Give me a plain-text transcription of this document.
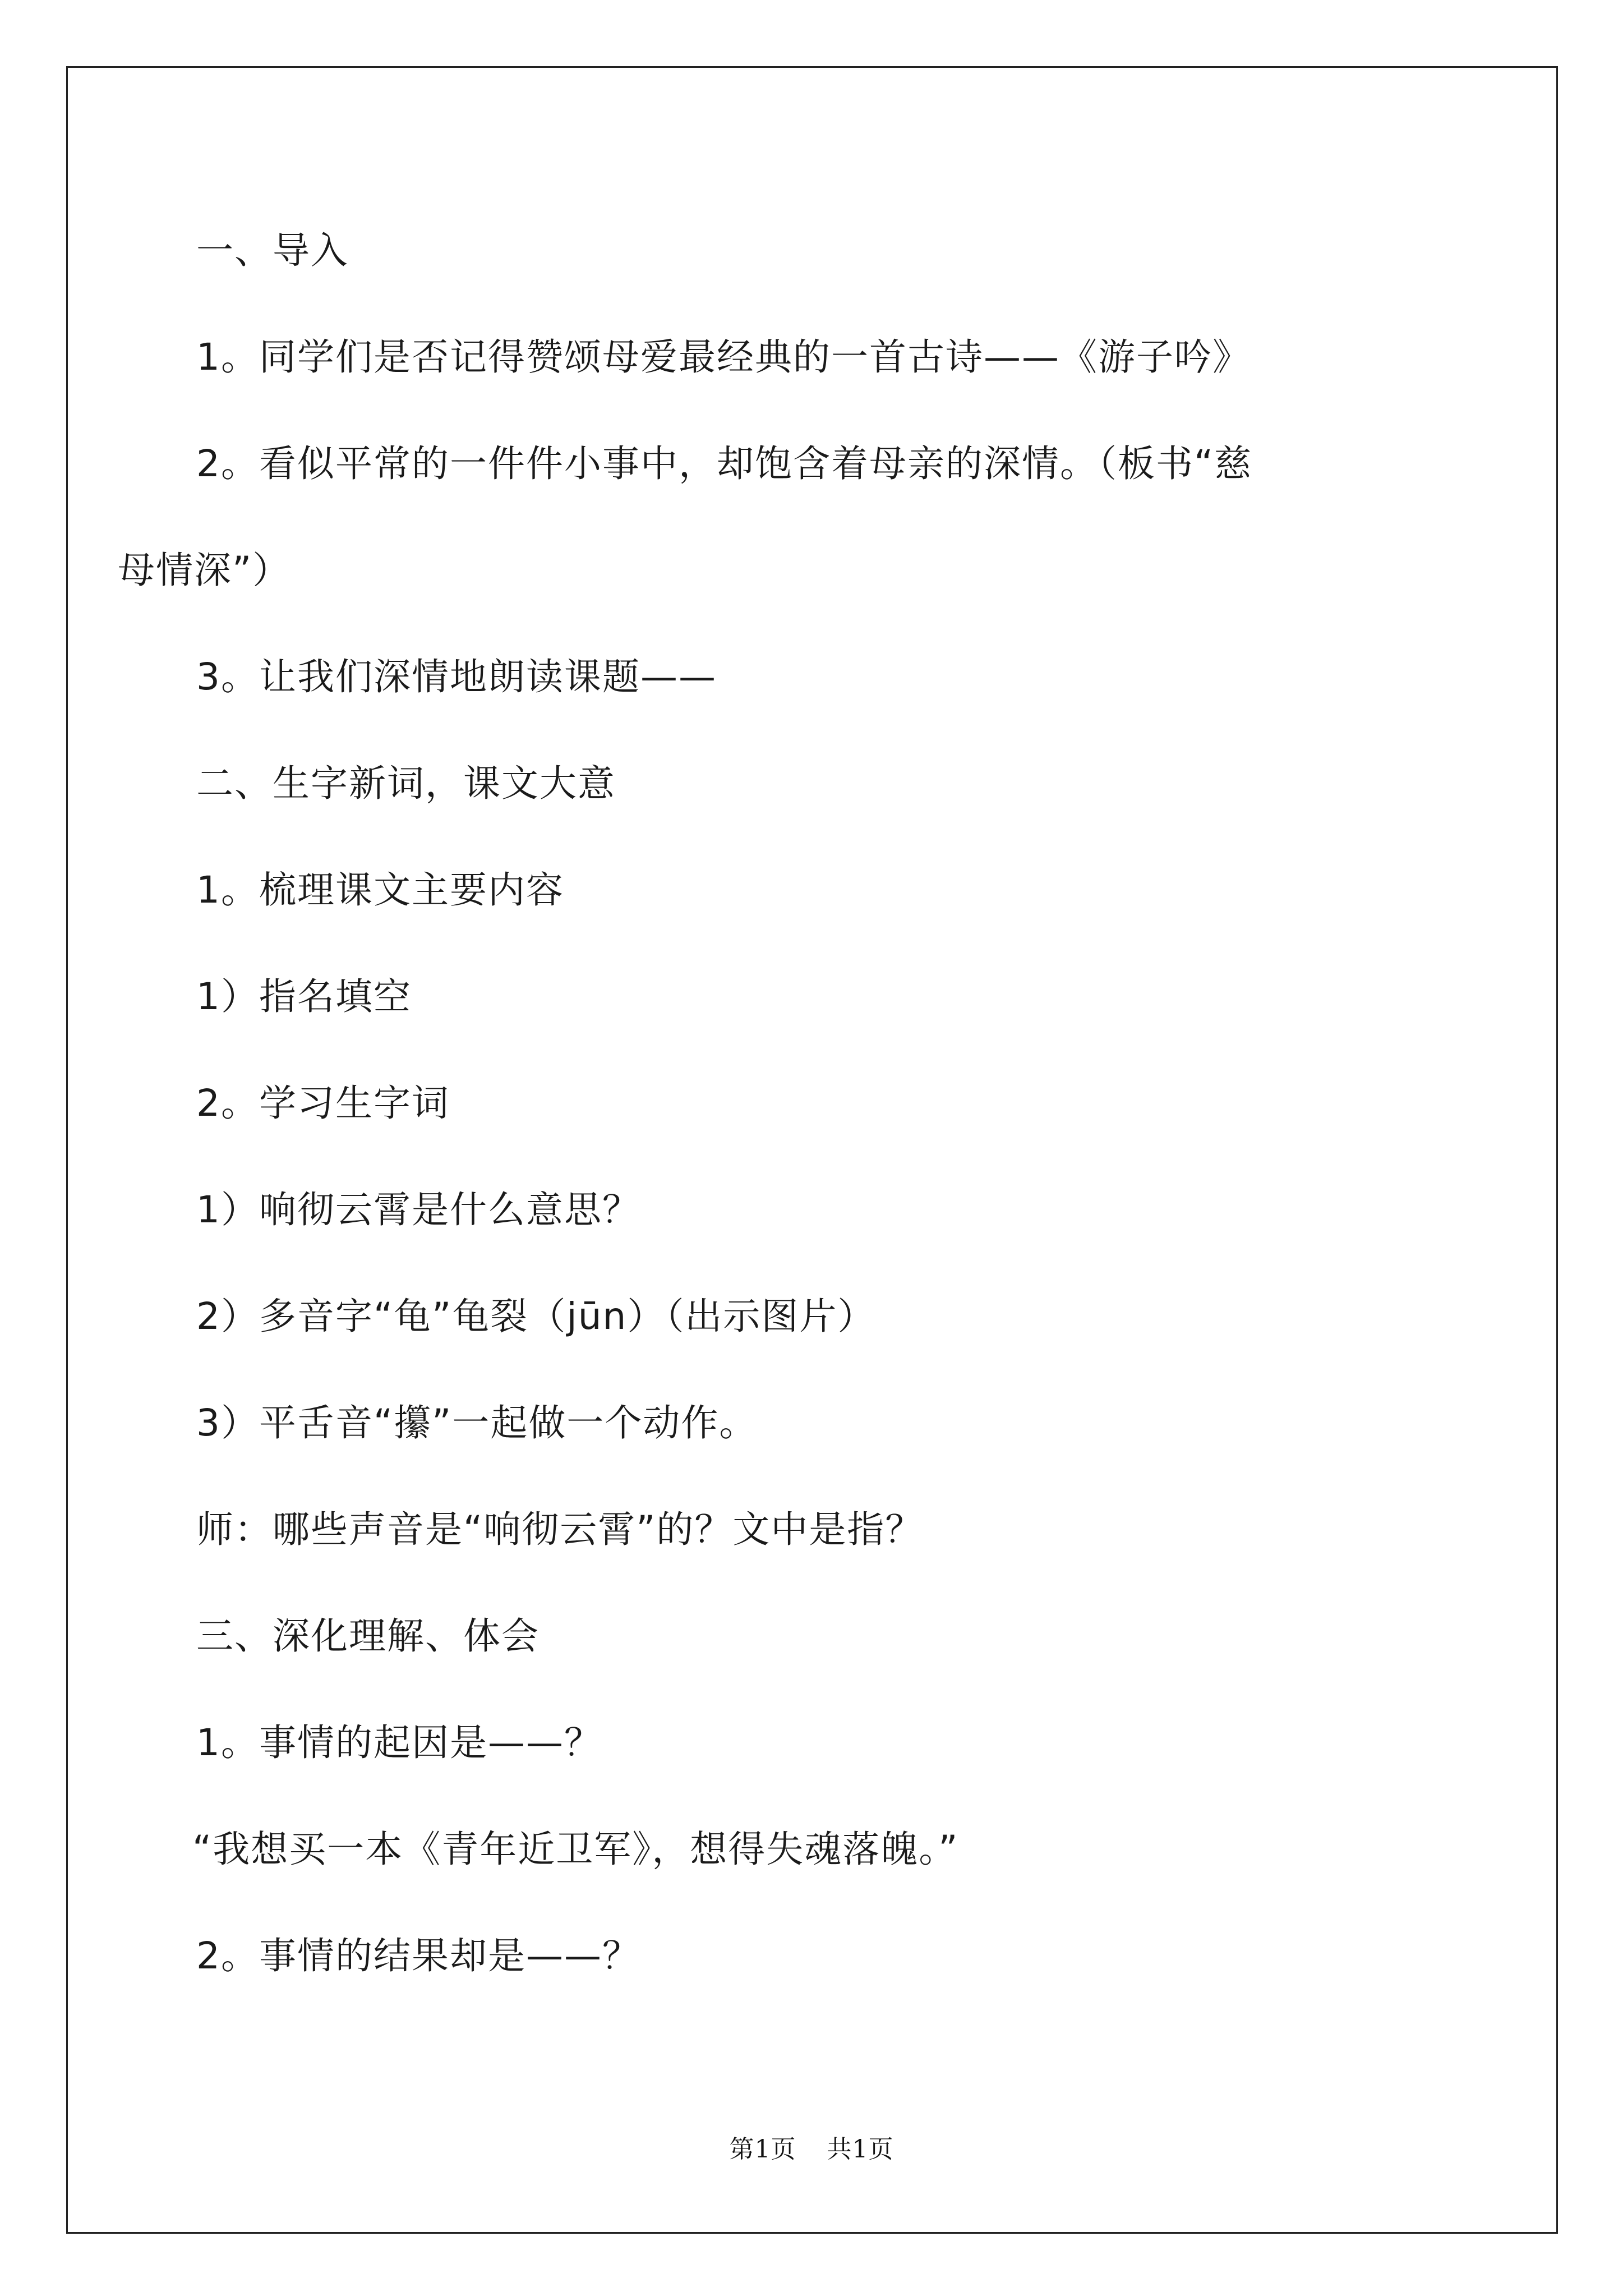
一、导入
1。同学们是否记得赞颂母爱最经典的一首古诗——《游子吟》
2。看似平常的一件件小事中，却饱含着母亲的深情。（板书“慈
母情深”）
3。让我们深情地朗读课题——
二、生字新词，课文大意
1。梳理课文主要内容
1）指名填空
2。学习生字词
1）响彻云霄是什么意思？
2）多音字“龟”龟裂（jūn）（出示图片）
3）平舌音“攥”一起做一个动作。
师：哪些声音是“响彻云霄”的？文中是指？
三、深化理解、体会
1。事情的起因是——？
“我想买一本《青年近卫军》，想得失魂落魄。”
2。事情的结果却是——？
第1页 共1页
